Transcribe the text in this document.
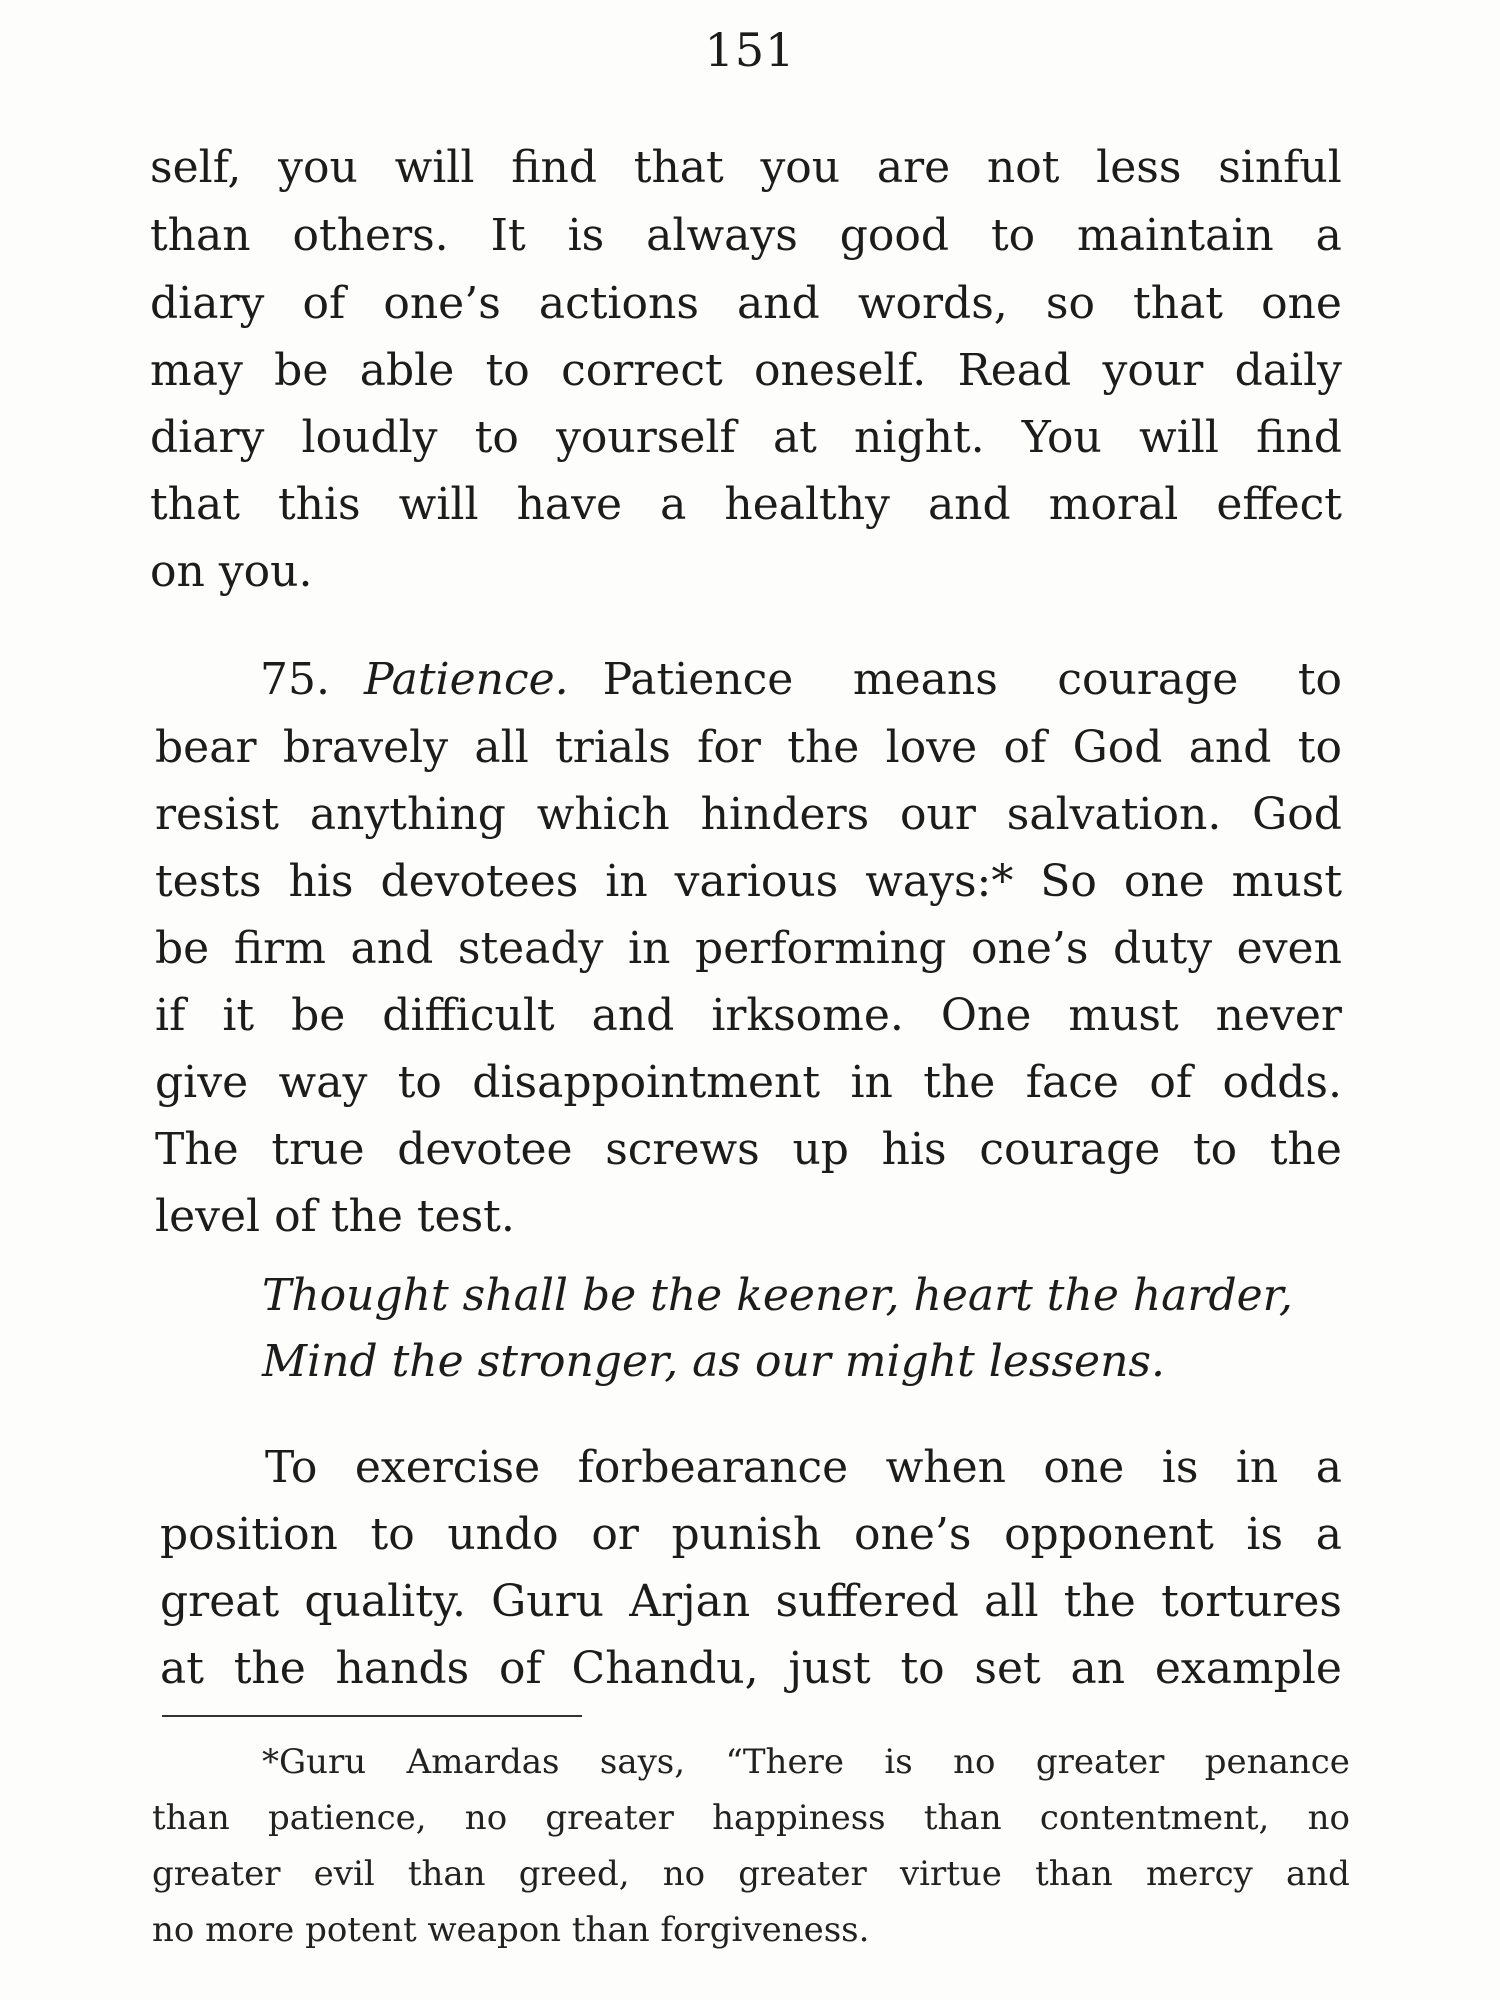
151
self, you will find that you are not less sinful
than others. It is always good to maintain a
diary of one’s actions and words, so that one
may be able to correct oneself. Read your daily
diary loudly to yourself at night. You will find
that this will have a healthy and moral effect
on you.
75. Patience. Patience means courage to
bear bravely all trials for the love of God and to
resist anything which hinders our salvation. God
tests his devotees in various ways:* So one must
be firm and steady in performing one’s duty even
if it be difficult and irksome. One must never
give way to disappointment in the face of odds.
The true devotee screws up his courage to the
level of the test.
Thought shall be the keener, heart the harder,
Mind the stronger, as our might lessens.
To exercise forbearance when one is in a
position to undo or punish one’s opponent is a
great quality. Guru Arjan suffered all the tortures
at the hands of Chandu, just to set an example
*Guru Amardas says, “There is no greater penance
than patience, no greater happiness than contentment, no
greater evil than greed, no greater virtue than mercy and
no more potent weapon than forgiveness.
